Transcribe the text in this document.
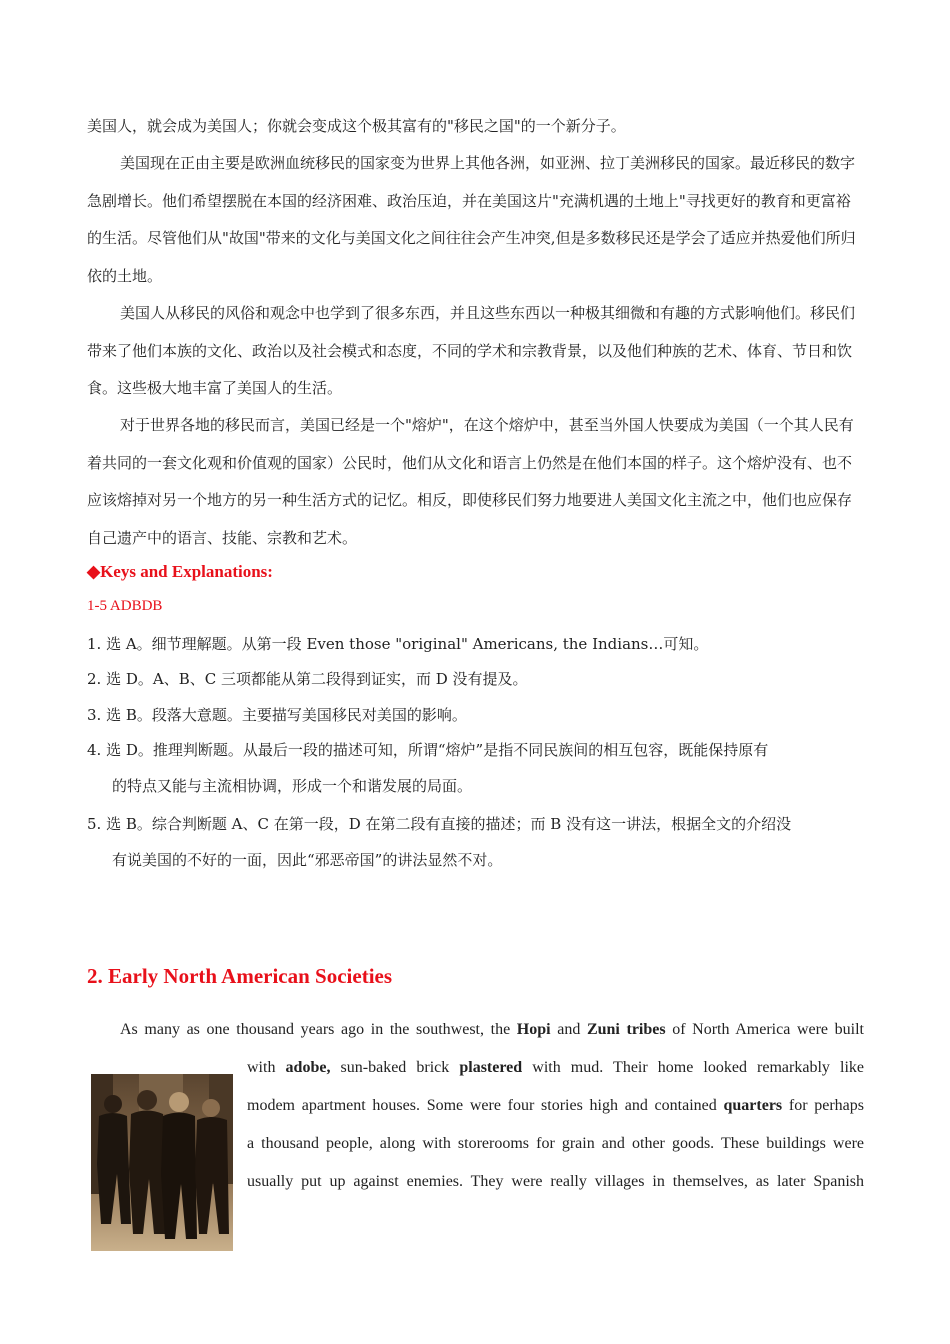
美国人，就会成为美国人；你就会变成这个极其富有的"移民之国"的一个新分子。

美国现在正由主要是欧洲血统移民的国家变为世界上其他各洲，如亚洲、拉丁美洲移民的国家。最近移民的数字急剧增长。他们希望摆脱在本国的经济困难、政治压迫，并在美国这片"充满机遇的土地上"寻找更好的教育和更富裕的生活。尽管他们从"故国"带来的文化与美国文化之间往往会产生冲突,但是多数移民还是学会了适应并热爱他们所归依的土地。

美国人从移民的风俗和观念中也学到了很多东西，并且这些东西以一种极其细微和有趣的方式影响他们。移民们带来了他们本族的文化、政治以及社会模式和态度，不同的学术和宗教背景，以及他们种族的艺术、体育、节日和饮食。这些极大地丰富了美国人的生活。

对于世界各地的移民而言，美国已经是一个"熔炉"，在这个熔炉中，甚至当外国人快要成为美国（一个其人民有着共同的一套文化观和价值观的国家）公民时，他们从文化和语言上仍然是在他们本国的样子。这个熔炉没有、也不应该熔掉对另一个地方的另一种生活方式的记忆。相反，即使移民们努力地要进人美国文化主流之中，他们也应保存自己遗产中的语言、技能、宗教和艺术。

◆Keys and Explanations:

1-5 ADBDB

1. 选 A。细节理解题。从第一段 Even those "original" Americans, the Indians…可知。

2. 选 D。A、B、C 三项都能从第二段得到证实，而 D 没有提及。

3. 选 B。段落大意题。主要描写美国移民对美国的影响。

4. 选 D。推理判断题。从最后一段的描述可知，所谓“熔炉”是指不同民族间的相互包容，既能保持原有
的特点又能与主流相协调，形成一个和谐发展的局面。

5. 选 B。综合判断题 A、C 在第一段，D 在第二段有直接的描述；而 B 没有这一讲法，根据全文的介绍没
有说美国的不好的一面，因此“邪恶帝国”的讲法显然不对。

2. Early North American Societies

As many as one thousand years ago in the southwest, the Hopi and Zuni tribes of North America were built

with adobe, sun-baked brick plastered with mud. Their home looked remarkably like

modem apartment houses. Some were four stories high and contained quarters for perhaps

a thousand people, along with storerooms for grain and other goods. These buildings were

usually put up against enemies. They were really villages in themselves, as later Spanish
